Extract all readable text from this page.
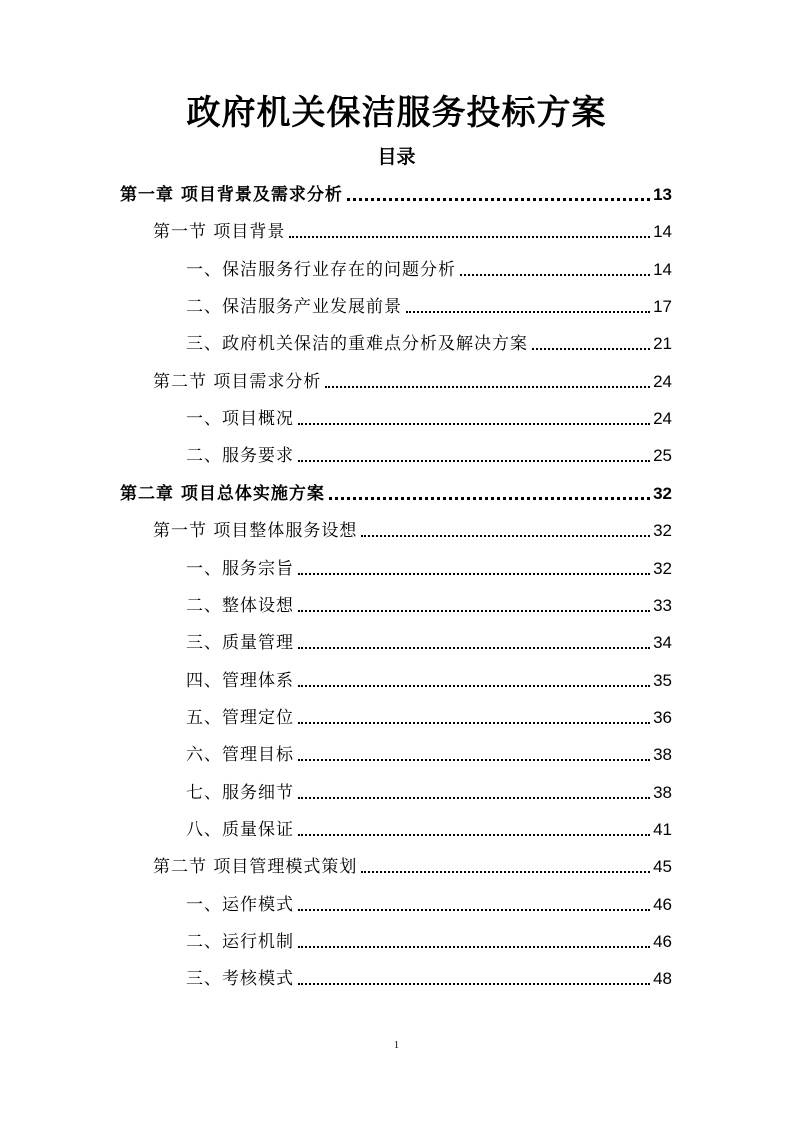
政府机关保洁服务投标方案
目录
第一章 项目背景及需求分析	13
第一节 项目背景	14
一、保洁服务行业存在的问题分析	14
二、保洁服务产业发展前景	17
三、政府机关保洁的重难点分析及解决方案	21
第二节 项目需求分析	24
一、项目概况	24
二、服务要求	25
第二章 项目总体实施方案	32
第一节 项目整体服务设想	32
一、服务宗旨	32
二、整体设想	33
三、质量管理	34
四、管理体系	35
五、管理定位	36
六、管理目标	38
七、服务细节	38
八、质量保证	41
第二节 项目管理模式策划	45
一、运作模式	46
二、运行机制	46
三、考核模式	48
1
